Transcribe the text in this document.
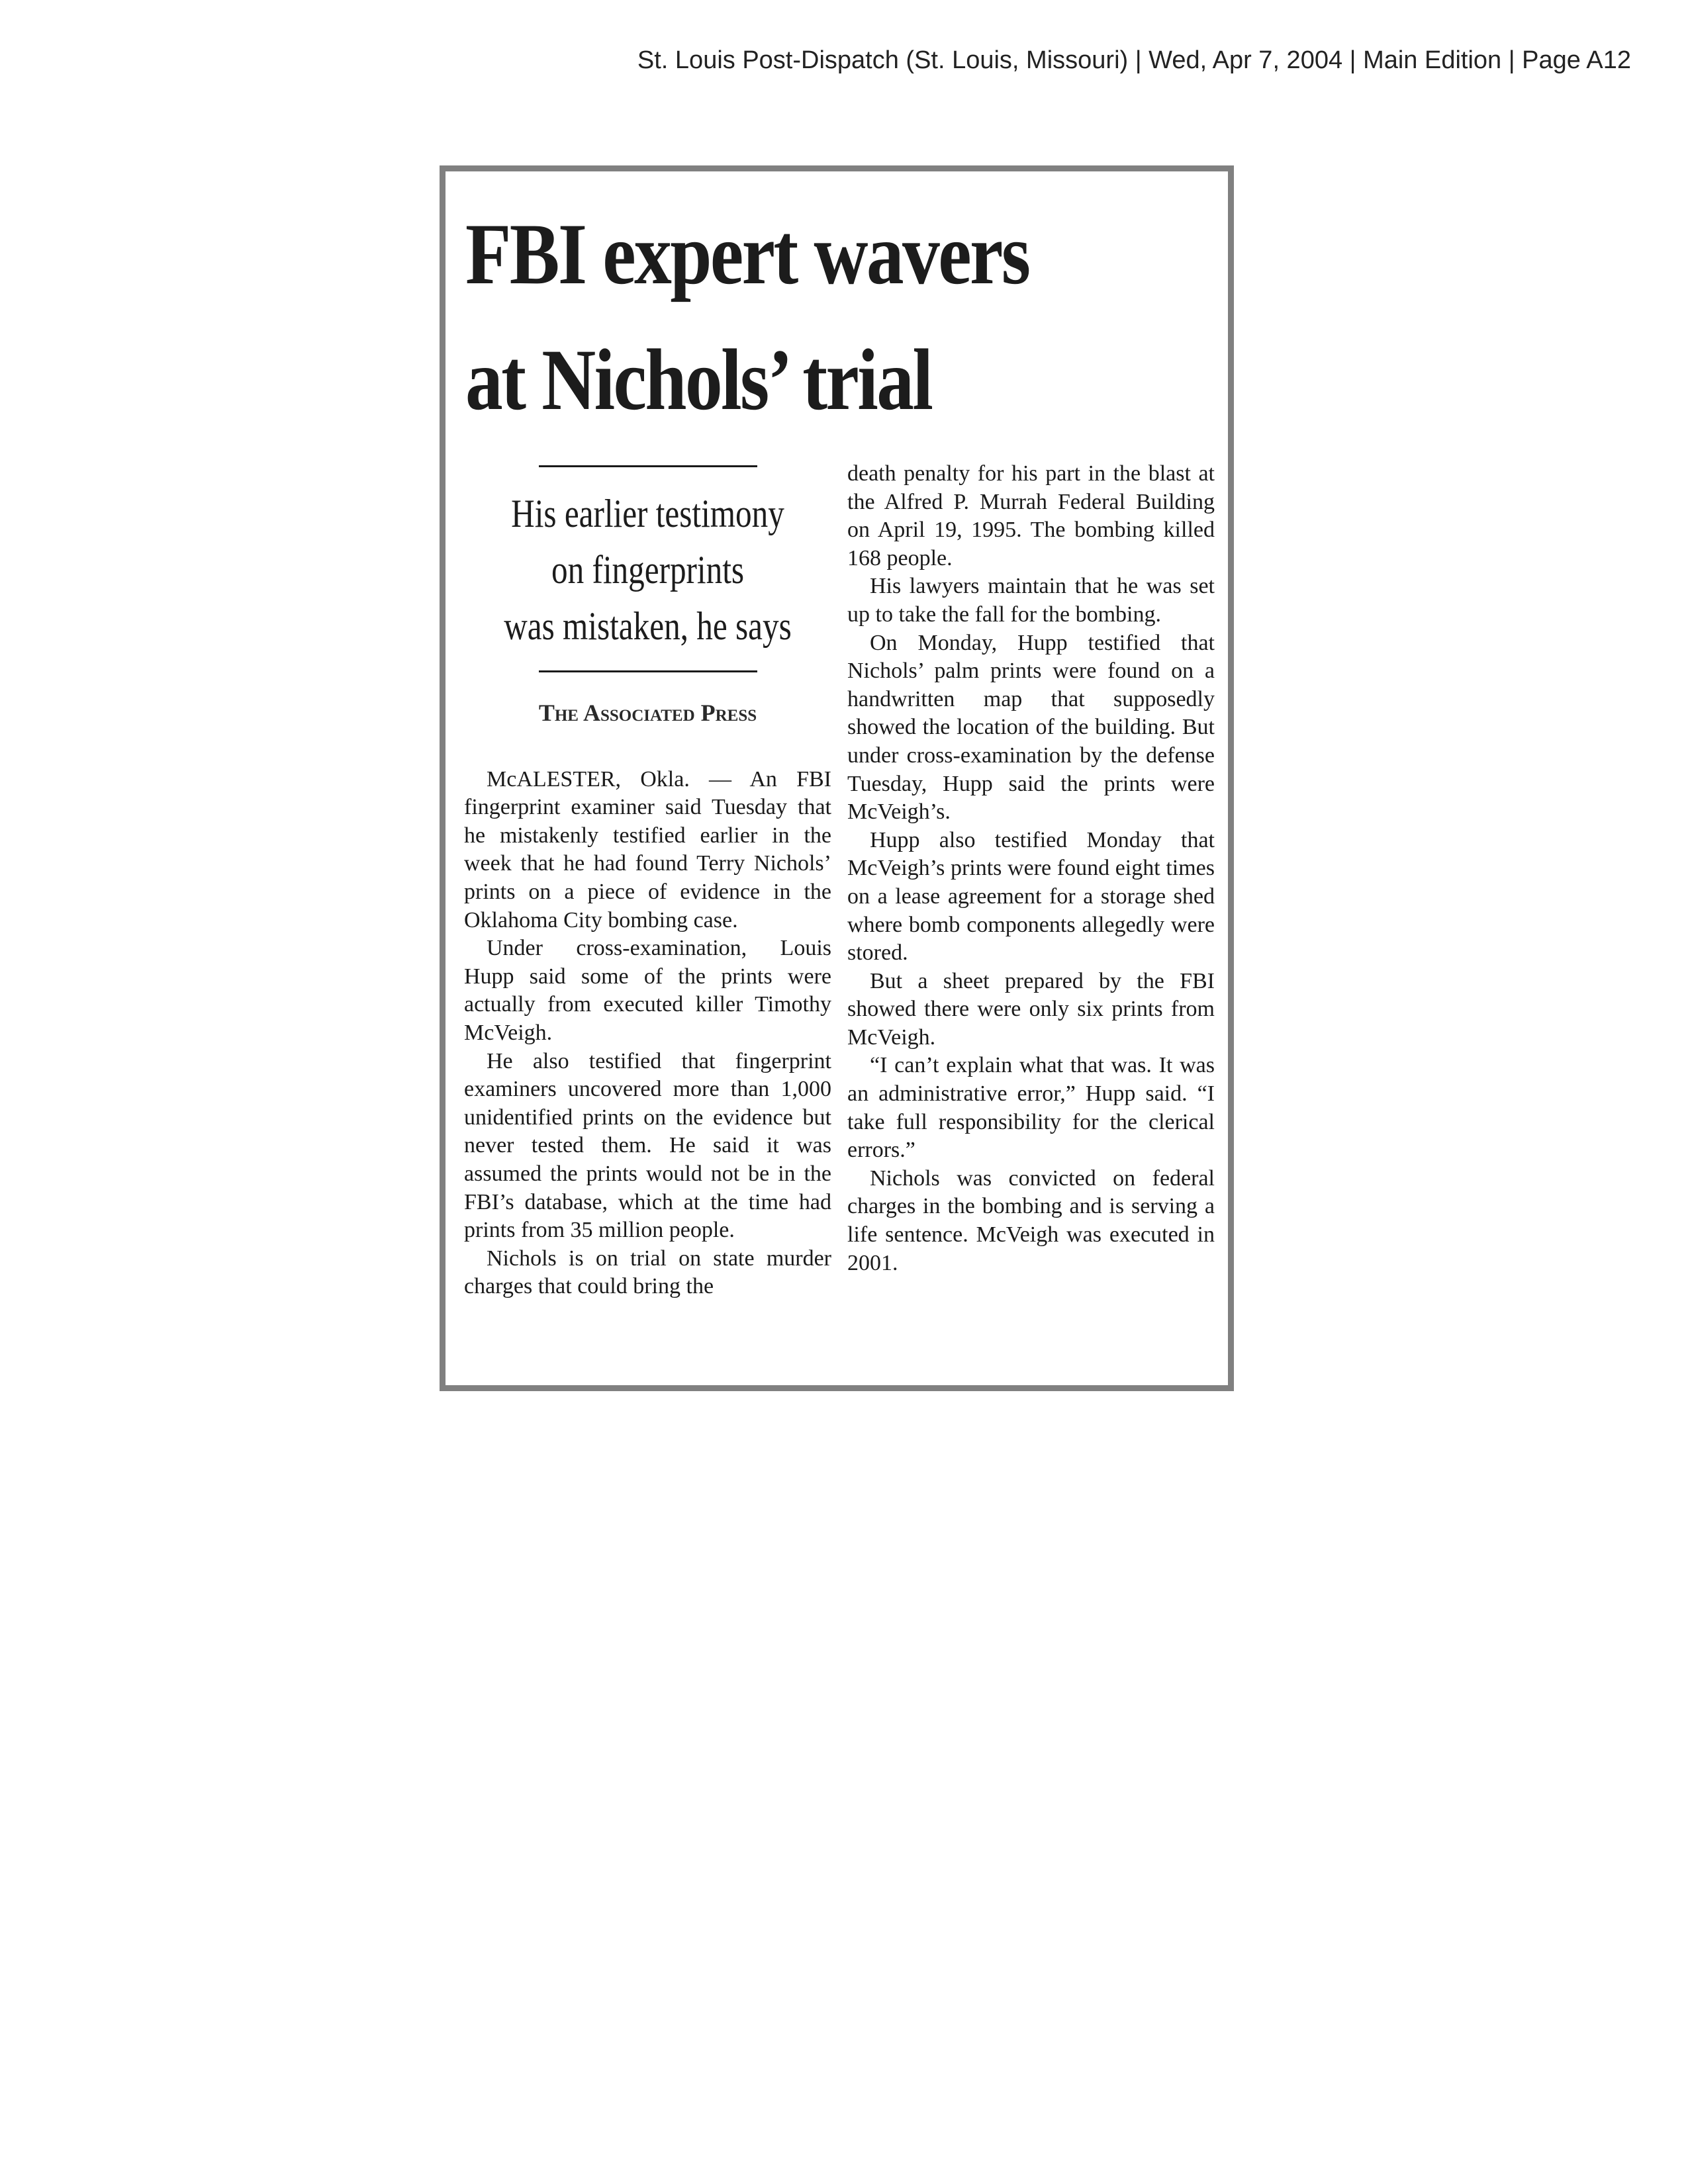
St. Louis Post-Dispatch (St. Louis, Missouri) | Wed, Apr 7, 2004 | Main Edition | Page A12
FBI expert wavers
at Nichols’ trial
His earlier testimony
on fingerprints
was mistaken, he says
The Associated Press

McALESTER, Okla. — An FBI fingerprint examiner said Tuesday that he mistakenly testified earlier in the week that he had found Terry Nichols’ prints on a piece of evidence in the Oklahoma City bombing case.

Under cross-examination, Louis Hupp said some of the prints were actually from executed killer Timothy McVeigh.

He also testified that fingerprint examiners uncovered more than 1,000 unidentified prints on the evidence but never tested them. He said it was assumed the prints would not be in the FBI’s database, which at the time had prints from 35 million people.

Nichols is on trial on state murder charges that could bring the

death penalty for his part in the blast at the Alfred P. Murrah Federal Building on April 19, 1995. The bombing killed 168 people.

His lawyers maintain that he was set up to take the fall for the bombing.

On Monday, Hupp testified that Nichols’ palm prints were found on a handwritten map that supposedly showed the location of the building. But under cross-examination by the defense Tuesday, Hupp said the prints were McVeigh’s.

Hupp also testified Monday that McVeigh’s prints were found eight times on a lease agreement for a storage shed where bomb components allegedly were stored.

But a sheet prepared by the FBI showed there were only six prints from McVeigh.

“I can’t explain what that was. It was an administrative error,” Hupp said. “I take full responsibility for the clerical errors.”

Nichols was convicted on federal charges in the bombing and is serving a life sentence. McVeigh was executed in 2001.
